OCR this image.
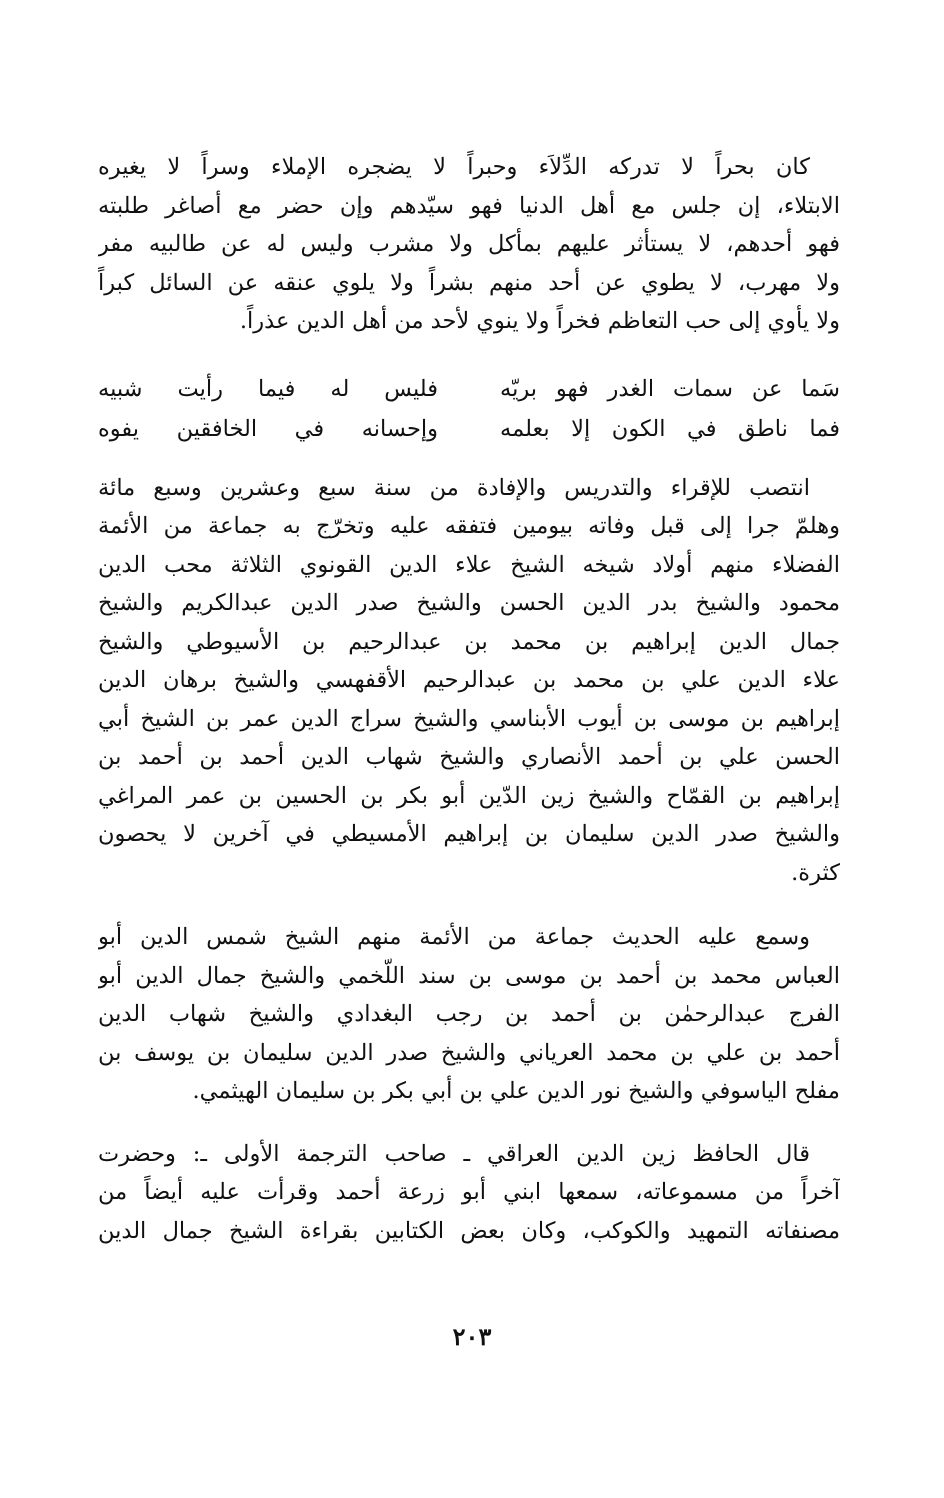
كان بحراً لا تدركه الدِّلاَء وحبراً لا يضجره الإملاء وسراً لا يغيره
الابتلاء، إن جلس مع أهل الدنيا فهو سيّدهم وإن حضر مع أصاغر طلبته
فهو أحدهم، لا يستأثر عليهم بمأكل ولا مشرب وليس له عن طالبيه مفر
ولا مهرب، لا يطوي عن أحد منهم بشراً ولا يلوي عنقه عن السائل كبراً
ولا يأوي إلى حب التعاظم فخراً ولا ينوي لأحد من أهل الدين عذراً.
سَما عن سمات الغدر فهو بريّه
فليس له فيما رأيت شبيه
فما ناطق في الكون إلا بعلمه
وإحسانه في الخافقين يفوه
انتصب للإقراء والتدريس والإفادة من سنة سبع وعشرين وسبع مائة
وهلمّ جرا إلى قبل وفاته بيومين فتفقه عليه وتخرّج به جماعة من الأئمة
الفضلاء منهم أولاد شيخه الشيخ علاء الدين القونوي الثلاثة محب الدين
محمود والشيخ بدر الدين الحسن والشيخ صدر الدين عبدالكريم والشيخ
جمال الدين إبراهيم بن محمد بن عبدالرحيم بن الأسيوطي والشيخ
علاء الدين علي بن محمد بن عبدالرحيم الأقفهسي والشيخ برهان الدين
إبراهيم بن موسى بن أيوب الأبناسي والشيخ سراج الدين عمر بن الشيخ أبي
الحسن علي بن أحمد الأنصاري والشيخ شهاب الدين أحمد بن أحمد بن
إبراهيم بن القمّاح والشيخ زين الدّين أبو بكر بن الحسين بن عمر المراغي
والشيخ صدر الدين سليمان بن إبراهيم الأمسيطي في آخرين لا يحصون
كثرة.
وسمع عليه الحديث جماعة من الأئمة منهم الشيخ شمس الدين أبو
العباس محمد بن أحمد بن موسى بن سند اللّخمي والشيخ جمال الدين أبو
الفرج عبدالرحمٰن بن أحمد بن رجب البغدادي والشيخ شهاب الدين
أحمد بن علي بن محمد العرياني والشيخ صدر الدين سليمان بن يوسف بن
مفلح الياسوفي والشيخ نور الدين علي بن أبي بكر بن سليمان الهيثمي.
قال الحافظ زين الدين العراقي ـ صاحب الترجمة الأولى ـ: وحضرت
آخراً من مسموعاته، سمعها ابني أبو زرعة أحمد وقرأت عليه أيضاً من
مصنفاته التمهيد والكوكب، وكان بعض الكتابين بقراءة الشيخ جمال الدين
٢٠٣
